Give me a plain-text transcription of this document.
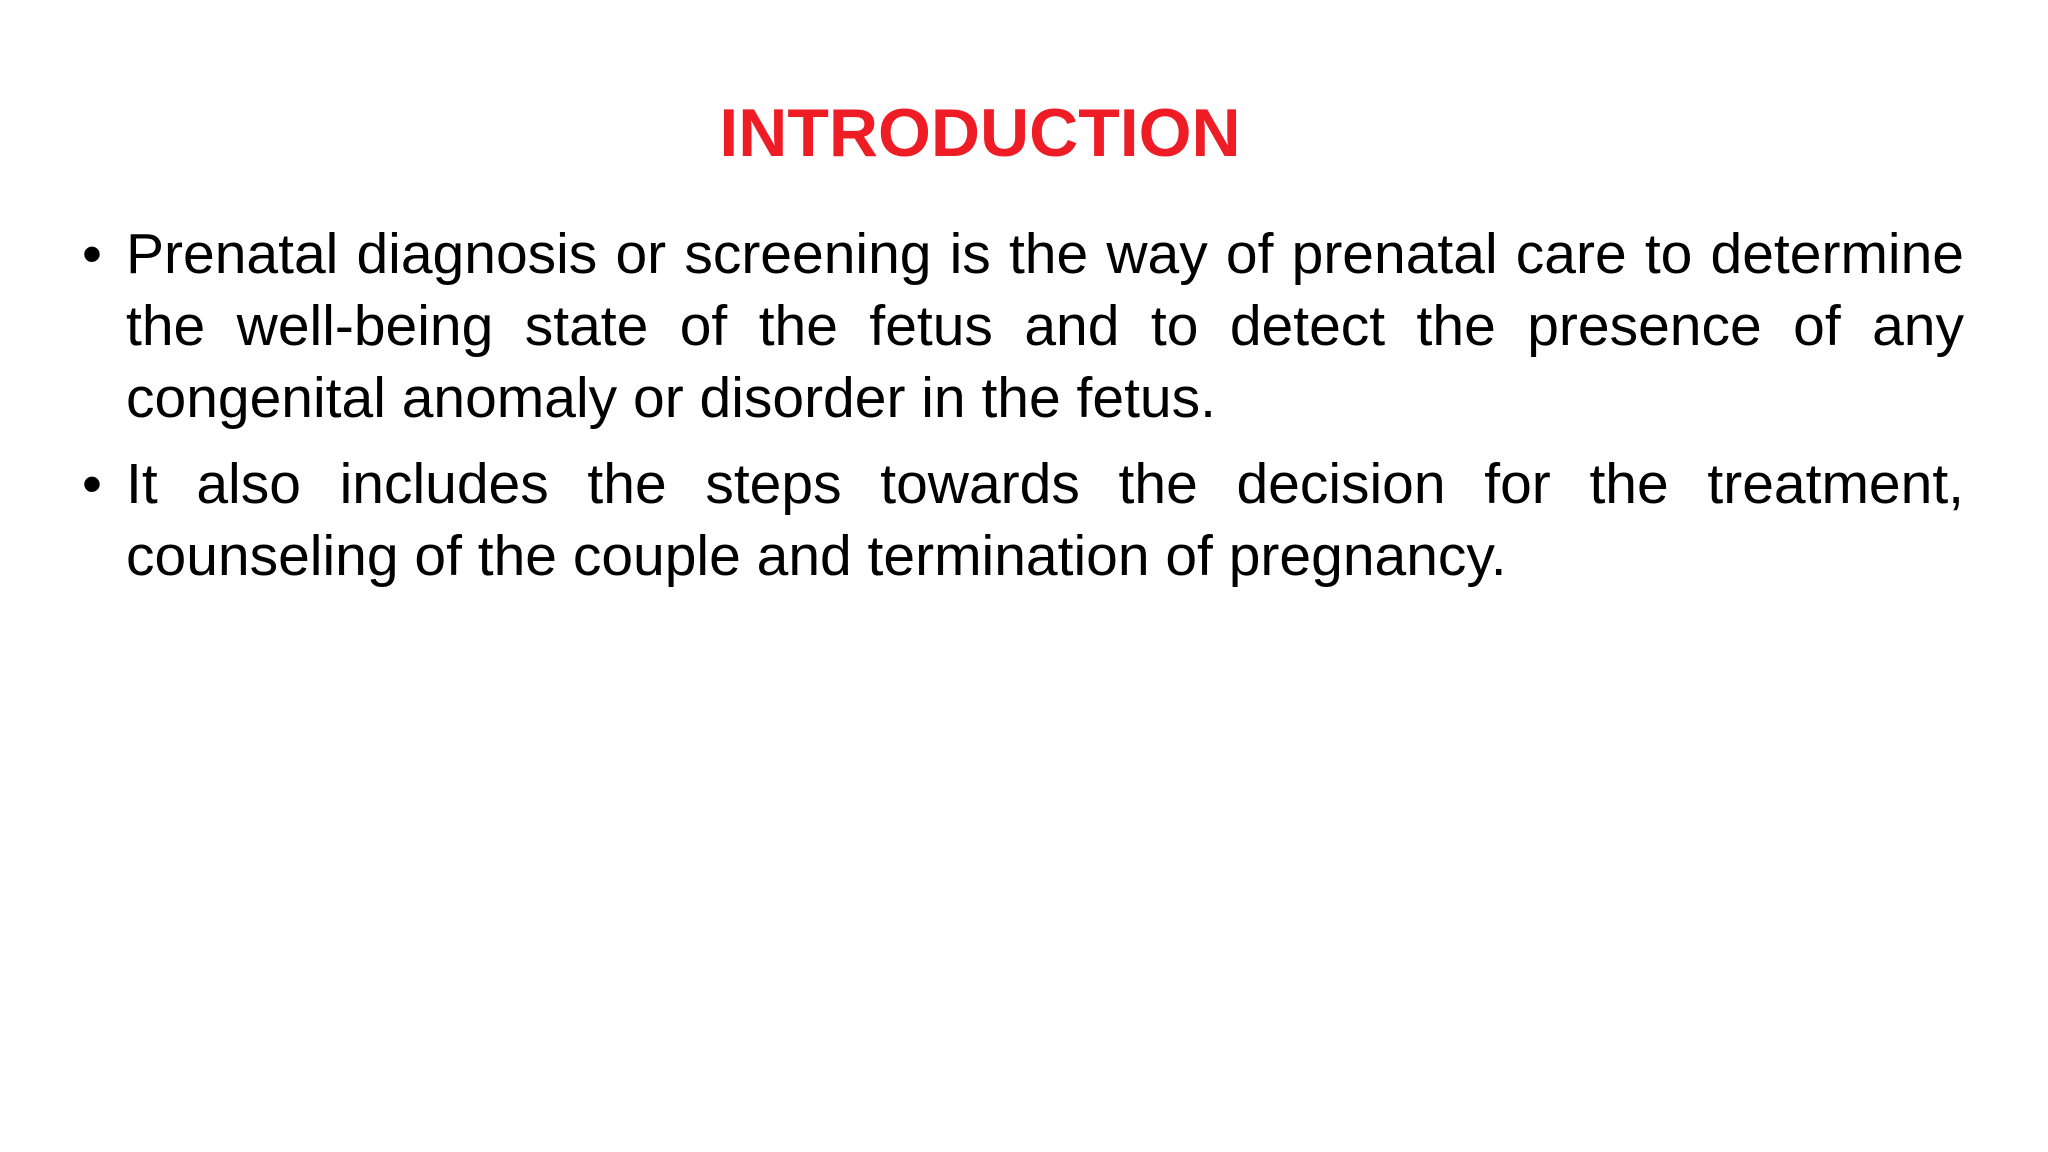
INTRODUCTION
• Prenatal diagnosis or screening is the way of prenatal care to determine the well-being state of the fetus and to detect the presence of any congenital anomaly or disorder in the fetus.
• It also includes the steps towards the decision for the treatment, counseling of the couple and termination of pregnancy.
